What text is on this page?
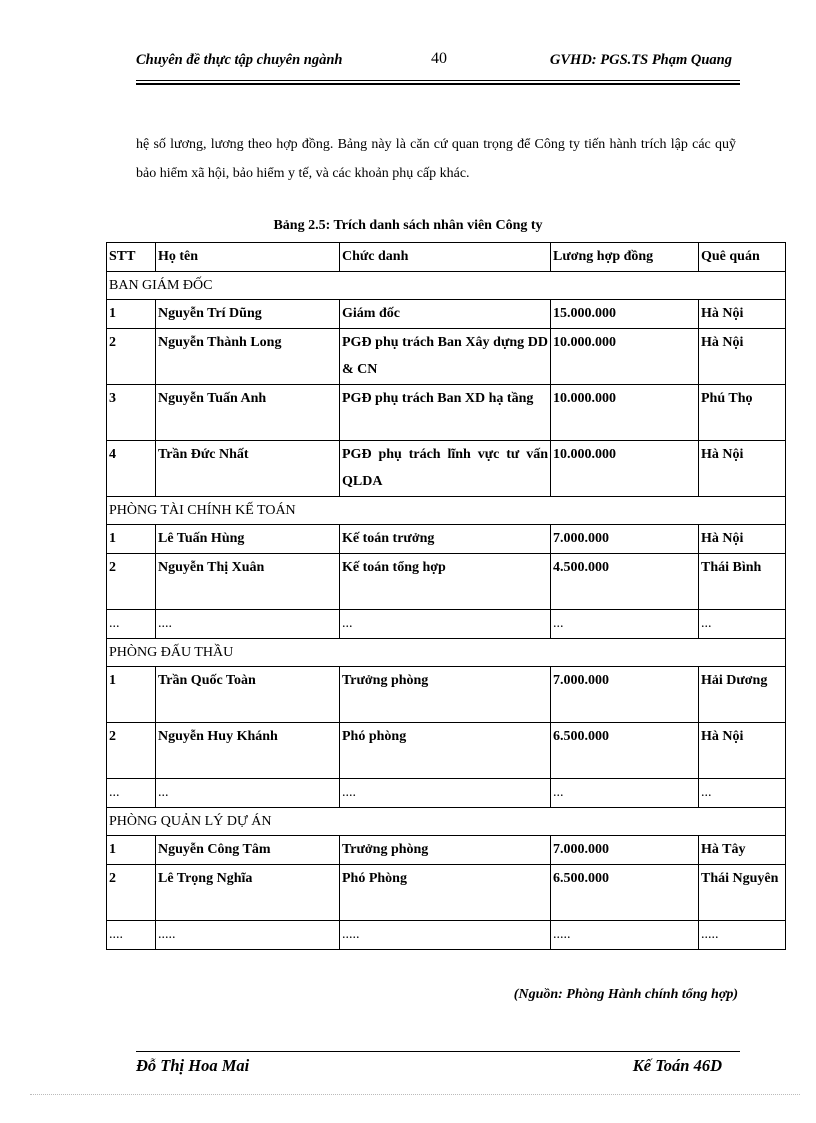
Chuyên đề thực tập chuyên ngành	40	GVHD: PGS.TS Phạm Quang
hệ số lương, lương theo hợp đồng. Bảng này là căn cứ quan trọng để Công ty tiến hành trích lập các quỹ bảo hiểm xã hội, bảo hiểm y tế, và các khoản phụ cấp khác.
Bảng 2.5: Trích danh sách nhân viên Công ty
STT	Họ tên	Chức danh	Lương hợp đồng	Quê quán
BAN GIÁM ĐỐC				
1	Nguyễn Trí Dũng	Giám đốc	15.000.000	Hà Nội
2	Nguyễn Thành Long	PGĐ phụ trách Ban Xây dựng DD & CN	10.000.000	Hà Nội
3	Nguyễn Tuấn Anh	PGĐ phụ trách Ban XD hạ tầng	10.000.000	Phú Thọ
4	Trần Đức Nhất	PGĐ phụ trách lĩnh vực tư vấn QLDA	10.000.000	Hà Nội
PHÒNG TÀI CHÍNH KẾ TOÁN				
1	Lê Tuấn Hùng	Kế toán trưởng	7.000.000	Hà Nội
2	Nguyễn Thị Xuân	Kế toán tổng hợp	4.500.000	Thái Bình
...	....	...	...	...
PHÒNG ĐẤU THẦU				
1	Trần Quốc Toàn	Trưởng phòng	7.000.000	Hải Dương
2	Nguyễn Huy Khánh	Phó phòng	6.500.000	Hà Nội
...	...	....	...	...
PHÒNG QUẢN LÝ DỰ ÁN				
1	Nguyễn Công Tâm	Trưởng phòng	7.000.000	Hà Tây
2	Lê Trọng Nghĩa	Phó Phòng	6.500.000	Thái Nguyên
....	.....	.....	.....	.....
(Nguồn: Phòng Hành chính tổng hợp)
Đỗ Thị Hoa Mai	Kế Toán 46D
